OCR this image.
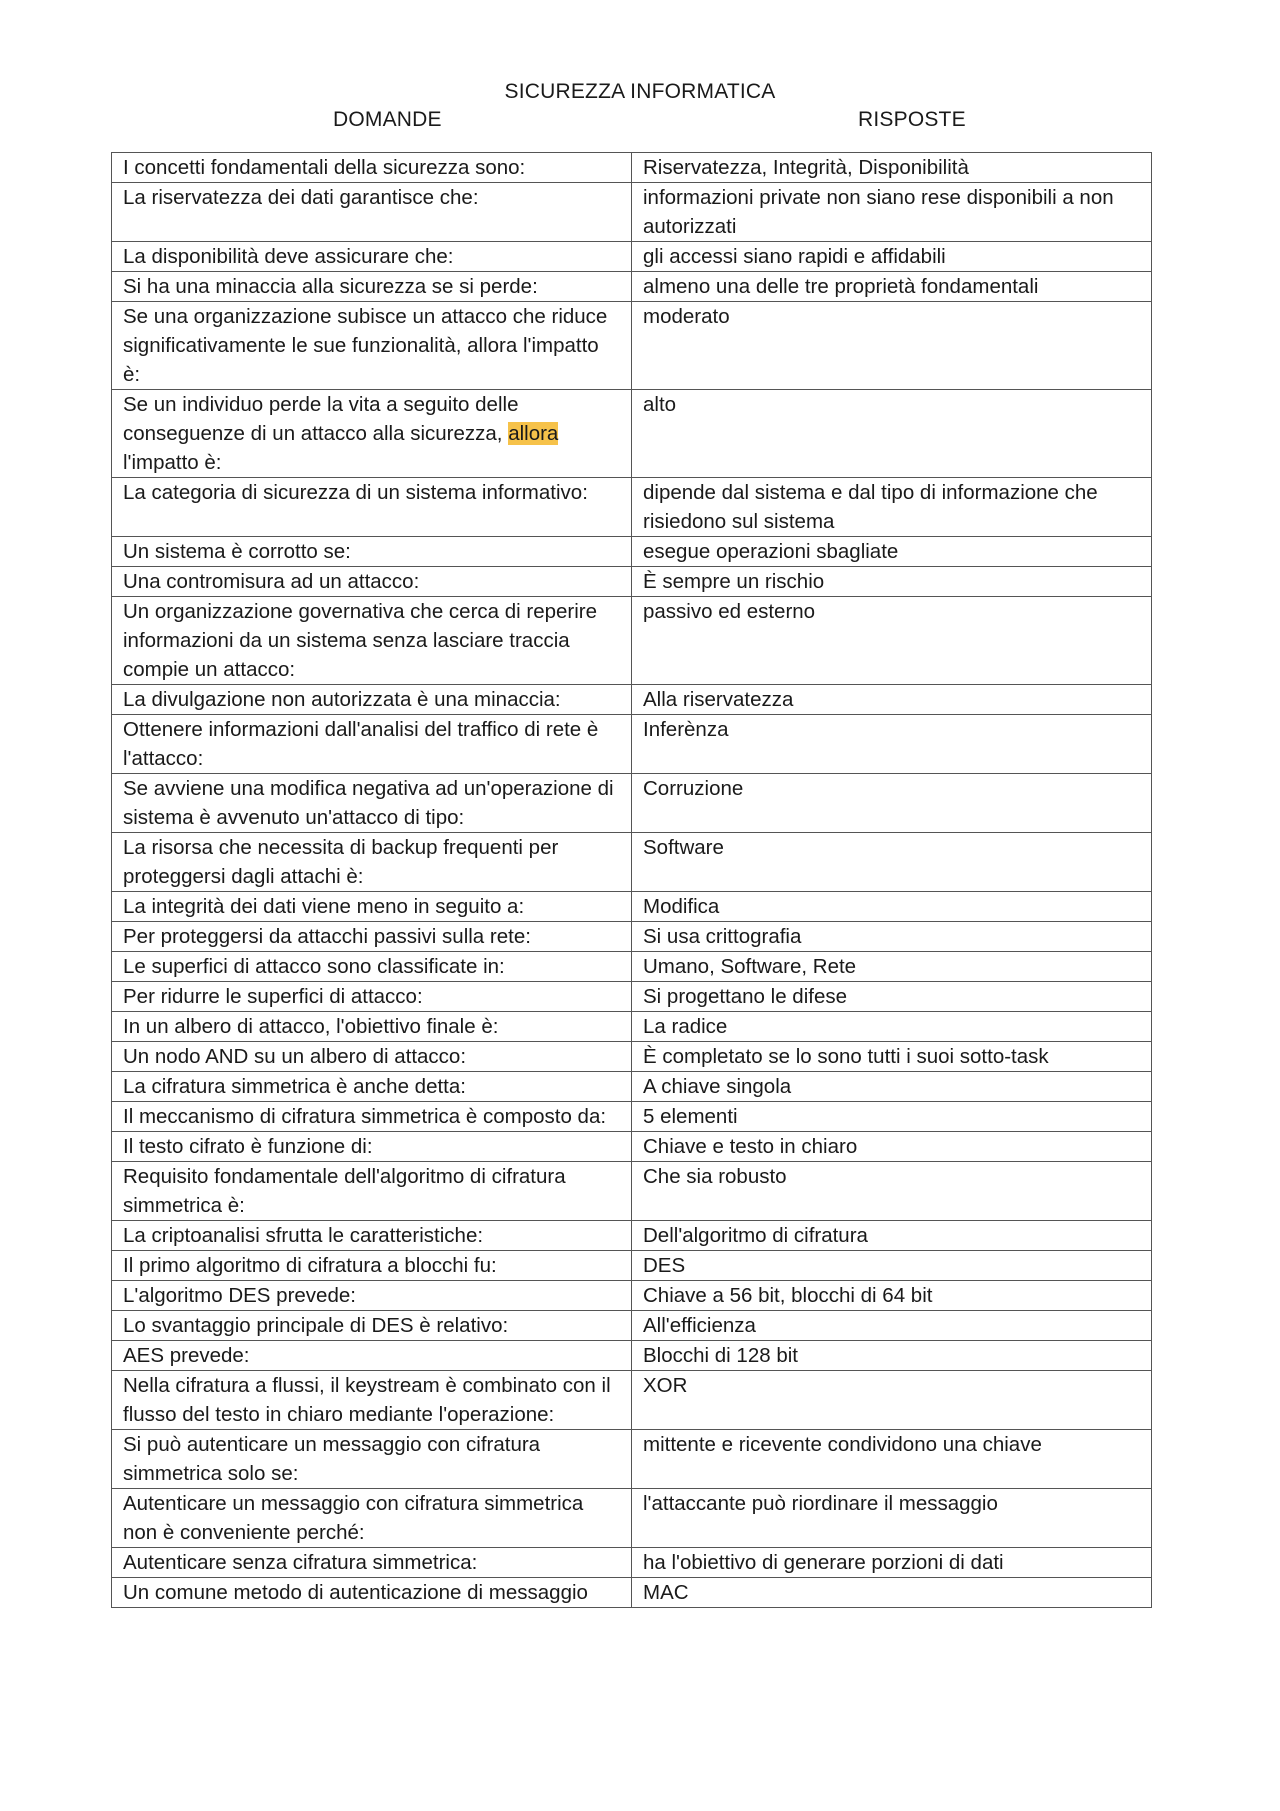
SICUREZZA INFORMATICA
DOMANDE	RISPOSTE
I concetti fondamentali della sicurezza sono:	Riservatezza, Integrità, Disponibilità
La riservatezza dei dati garantisce che:	informazioni private non siano rese disponibili a non autorizzati
La disponibilità deve assicurare che:	gli accessi siano rapidi e affidabili
Si ha una minaccia alla sicurezza se si perde:	almeno una delle tre proprietà fondamentali
Se una organizzazione subisce un attacco che riduce significativamente le sue funzionalità, allora l'impatto è:	moderato
Se un individuo perde la vita a seguito delle conseguenze di un attacco alla sicurezza, allora l'impatto è:	alto
La categoria di sicurezza di un sistema informativo:	dipende dal sistema e dal tipo di informazione che risiedono sul sistema
Un sistema è corrotto se:	esegue operazioni sbagliate
Una contromisura ad un attacco:	È sempre un rischio
Un organizzazione governativa che cerca di reperire informazioni da un sistema senza lasciare traccia compie un attacco:	passivo ed esterno
La divulgazione non autorizzata è una minaccia:	Alla riservatezza
Ottenere informazioni dall'analisi del traffico di rete è l'attacco:	Inferènza
Se avviene una modifica negativa ad un'operazione di sistema è avvenuto un'attacco di tipo:	Corruzione
La risorsa che necessita di backup frequenti per proteggersi dagli attachi è:	Software
La integrità dei dati viene meno in seguito a:	Modifica
Per proteggersi da attacchi passivi sulla rete:	Si usa crittografia
Le superfici di attacco sono classificate in:	Umano, Software, Rete
Per ridurre le superfici di attacco:	Si progettano le difese
In un albero di attacco, l'obiettivo finale è:	La radice
Un nodo AND su un albero di attacco:	È completato se lo sono tutti i suoi sotto-task
La cifratura simmetrica è anche detta:	A chiave singola
Il meccanismo di cifratura simmetrica è composto da:	5 elementi
Il testo cifrato è funzione di:	Chiave e testo in chiaro
Requisito fondamentale dell'algoritmo di cifratura simmetrica è:	Che sia robusto
La criptoanalisi sfrutta le caratteristiche:	Dell'algoritmo di cifratura
Il primo algoritmo di cifratura a blocchi fu:	DES
L'algoritmo DES prevede:	Chiave a 56 bit, blocchi di 64 bit
Lo svantaggio principale di DES è relativo:	All'efficienza
AES prevede:	Blocchi di 128 bit
Nella cifratura a flussi, il keystream è combinato con il flusso del testo in chiaro mediante l'operazione:	XOR
Si può autenticare un messaggio con cifratura simmetrica solo se:	mittente e ricevente condividono una chiave
Autenticare un messaggio con cifratura simmetrica non è conveniente perché:	l'attaccante può riordinare il messaggio
Autenticare senza cifratura simmetrica:	ha l'obiettivo di generare porzioni di dati
Un comune metodo di autenticazione di messaggio	MAC
